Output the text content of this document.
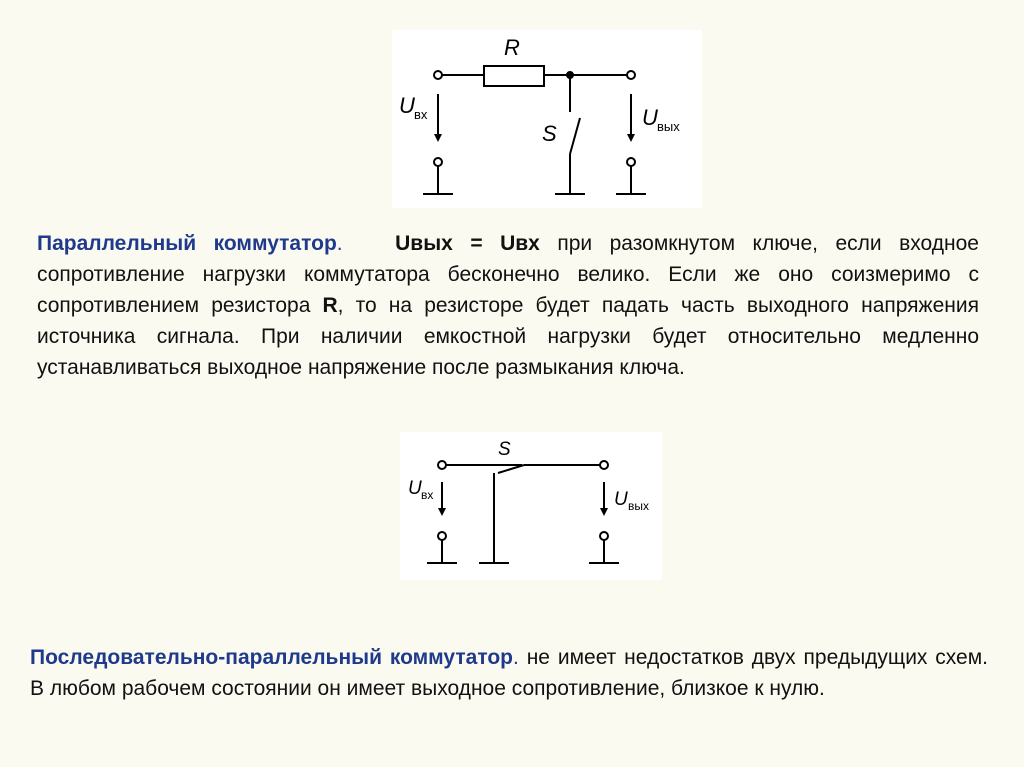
R
S
U вх	U вых

Параллельный коммутатор.	Uвых = Uвх при разомкнутом ключе, если входное сопротивление нагрузки коммутатора бесконечно велико. Если же оно соизмеримо с сопротивлением резистора R, то на резисторе будет падать часть выходного напряжения источника сигнала. При наличии емкостной нагрузки будет относительно медленно устанавливаться выходное напряжение после размыкания ключа.

S
U вх	U вых

Последовательно-параллельный коммутатор. не имеет недостатков двух предыдущих схем. В любом рабочем состоянии он имеет выходное сопротивление, близкое к нулю.
